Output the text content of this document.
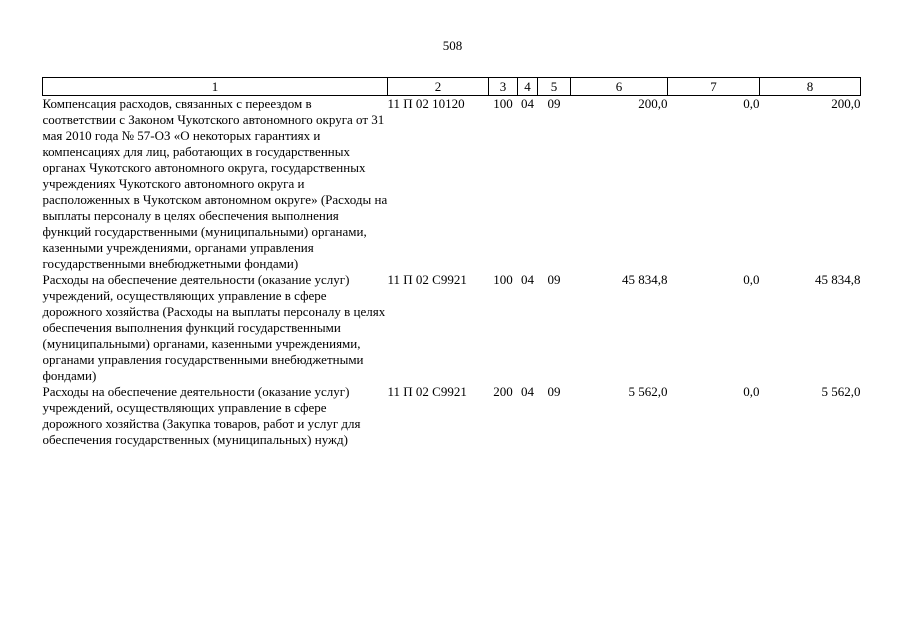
508
1	2	3	4	5	6	7	8
Компенсация расходов, связанных с переездом в соответствии с Законом Чукотского автономного округа от 31 мая 2010 года № 57-ОЗ «О некоторых гарантиях и компенсациях для лиц, работающих в государственных органах Чукотского автономного округа, государственных учреждениях Чукотского автономного округа и расположенных в Чукотском автономном округе» (Расходы на выплаты персоналу в целях обеспечения выполнения функций государственными (муниципальными) органами, казенными учреждениями, органами управления государственными внебюджетными фондами)	11 П 02 10120	100	04	09	200,0	0,0	200,0
Расходы на обеспечение деятельности (оказание услуг) учреждений, осуществляющих управление в сфере дорожного хозяйства (Расходы на выплаты персоналу в целях обеспечения выполнения функций государственными (муниципальными) органами, казенными учреждениями, органами управления государственными внебюджетными фондами)	11 П 02 С9921	100	04	09	45 834,8	0,0	45 834,8
Расходы на обеспечение деятельности (оказание услуг) учреждений, осуществляющих управление в сфере дорожного хозяйства (Закупка товаров, работ и услуг для обеспечения государственных (муниципальных) нужд)	11 П 02 С9921	200	04	09	5 562,0	0,0	5 562,0
